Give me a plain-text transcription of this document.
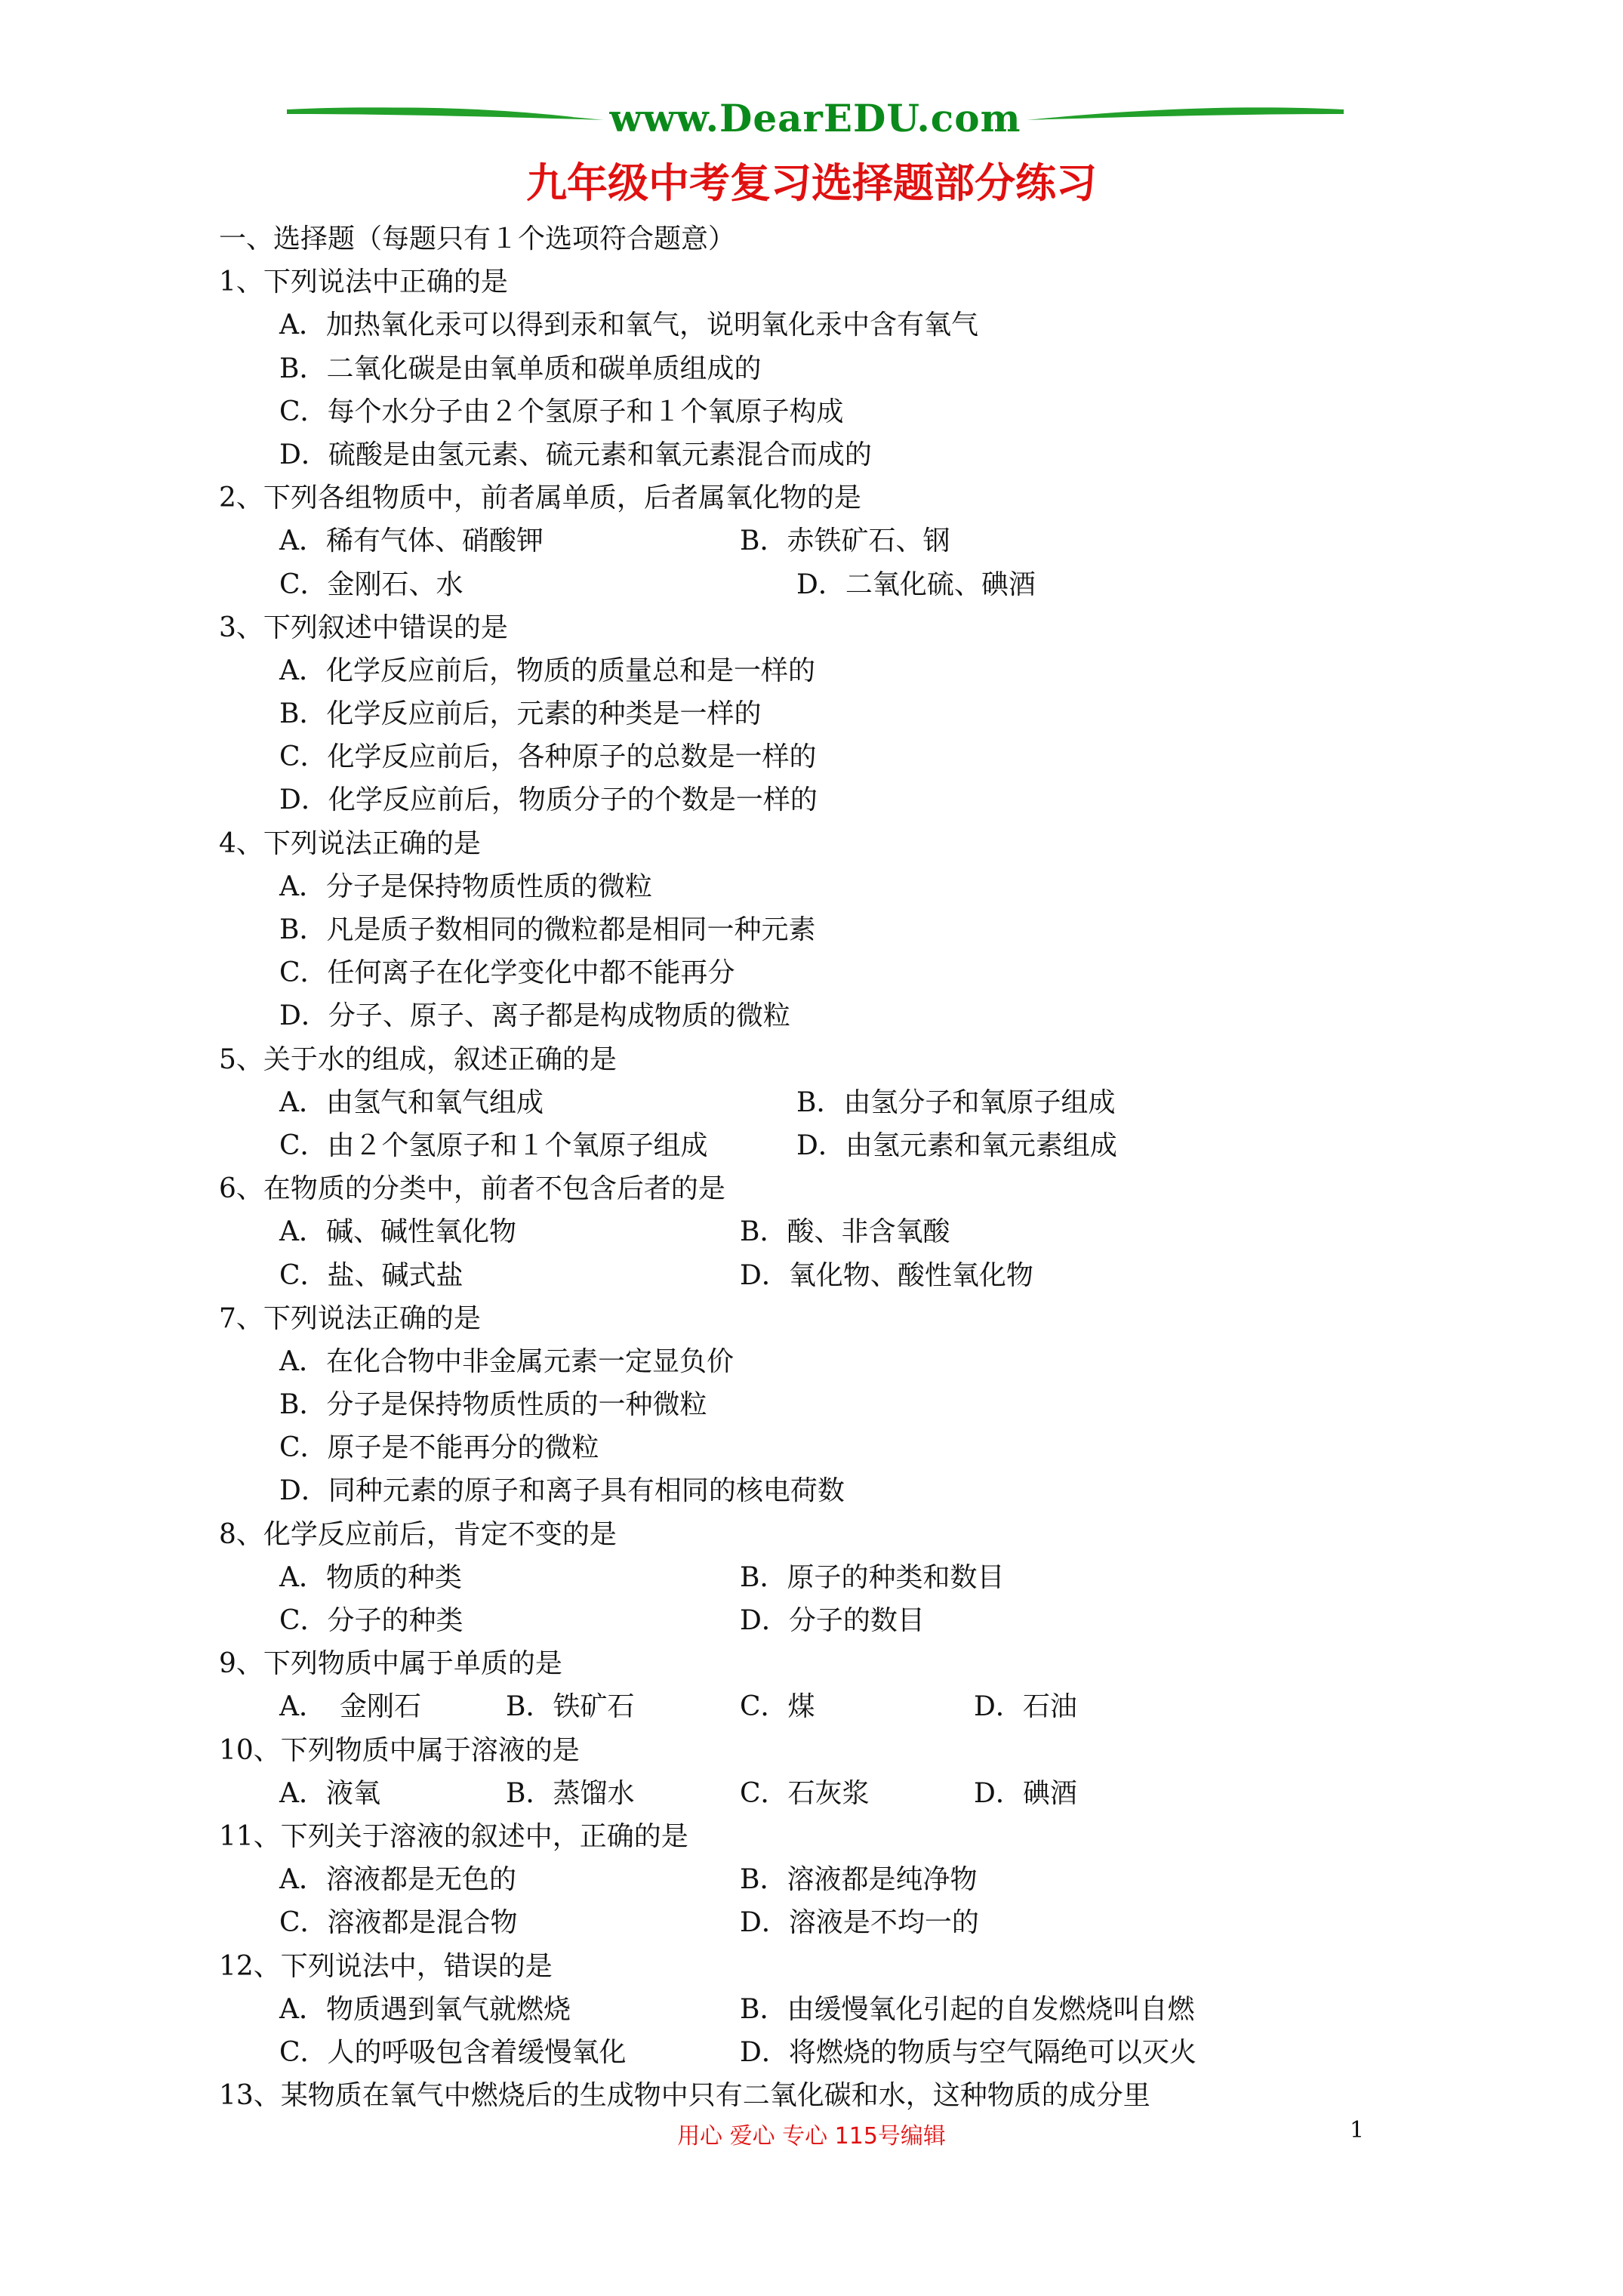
www.DearEDU.com
九年级中考复习选择题部分练习
一、选择题（每题只有１个选项符合题意）
1、下列说法中正确的是
A．加热氧化汞可以得到汞和氧气，说明氧化汞中含有氧气
B．二氧化碳是由氧单质和碳单质组成的
C．每个水分子由２个氢原子和１个氧原子构成
D．硫酸是由氢元素、硫元素和氧元素混合而成的
2、下列各组物质中，前者属单质，后者属氧化物的是
A．稀有气体、硝酸钾	B．赤铁矿石、钢
C．金刚石、水	D．二氧化硫、碘酒
3、下列叙述中错误的是
A．化学反应前后，物质的质量总和是一样的
B．化学反应前后，元素的种类是一样的
C．化学反应前后，各种原子的总数是一样的
D．化学反应前后，物质分子的个数是一样的
4、下列说法正确的是
A．分子是保持物质性质的微粒
B．凡是质子数相同的微粒都是相同一种元素
C．任何离子在化学变化中都不能再分
D．分子、原子、离子都是构成物质的微粒
5、关于水的组成，叙述正确的是
A．由氢气和氧气组成	B．由氢分子和氧原子组成
C．由２个氢原子和１个氧原子组成	D．由氢元素和氧元素组成
6、在物质的分类中，前者不包含后者的是
A．碱、碱性氧化物	B．酸、非含氧酸
C．盐、碱式盐	D．氧化物、酸性氧化物
7、下列说法正确的是
A．在化合物中非金属元素一定显负价
B．分子是保持物质性质的一种微粒
C．原子是不能再分的微粒
D．同种元素的原子和离子具有相同的核电荷数
8、化学反应前后，肯定不变的是
A．物质的种类	B．原子的种类和数目
C．分子的种类	D．分子的数目
9、下列物质中属于单质的是
A．　金刚石	B．铁矿石	C．煤	D．石油
10、下列物质中属于溶液的是
A．液氧	B．蒸馏水	C．石灰浆	D．碘酒
11、下列关于溶液的叙述中，正确的是
A．溶液都是无色的	B．溶液都是纯净物
C．溶液都是混合物	D．溶液是不均一的
12、下列说法中，错误的是
A．物质遇到氧气就燃烧	B．由缓慢氧化引起的自发燃烧叫自燃
C．人的呼吸包含着缓慢氧化	D．将燃烧的物质与空气隔绝可以灭火
13、某物质在氧气中燃烧后的生成物中只有二氧化碳和水，这种物质的成分里
用心 爱心 专心 115号编辑	1
